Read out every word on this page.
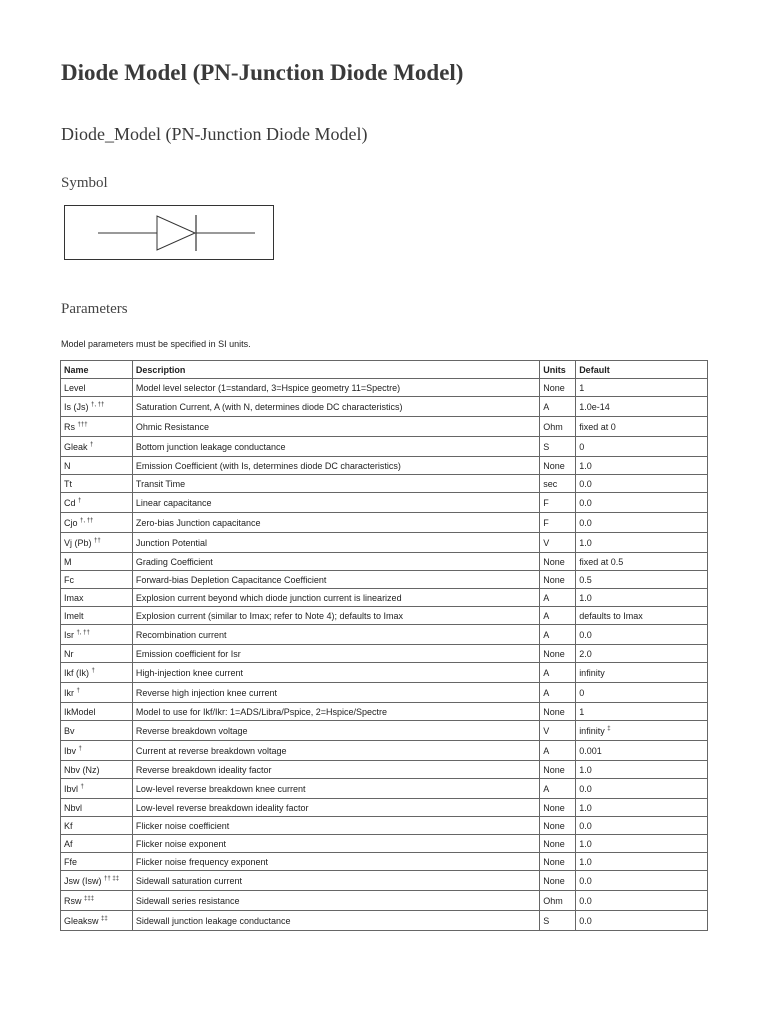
Diode Model (PN-Junction Diode Model)
Diode_Model (PN-Junction Diode Model)
Symbol
Parameters

Model parameters must be specified in SI units.

Name	Description	Units	Default
Level	Model level selector (1=standard, 3=Hspice geometry 11=Spectre)	None	1
Is (Js) †, ††	Saturation Current, A (with N, determines diode DC characteristics)	A	1.0e-14
Rs †††	Ohmic Resistance	Ohm	fixed at 0
Gleak †	Bottom junction leakage conductance	S	0
N	Emission Coefficient (with Is, determines diode DC characteristics)	None	1.0
Tt	Transit Time	sec	0.0
Cd †	Linear capacitance	F	0.0
Cjo †, ††	Zero-bias Junction capacitance	F	0.0
Vj (Pb) ††	Junction Potential	V	1.0
M	Grading Coefficient	None	fixed at 0.5
Fc	Forward-bias Depletion Capacitance Coefficient	None	0.5
Imax	Explosion current beyond which diode junction current is linearized	A	1.0
Imelt	Explosion current (similar to Imax; refer to Note 4); defaults to Imax	A	defaults to Imax
Isr †, ††	Recombination current	A	0.0
Nr	Emission coefficient for Isr	None	2.0
Ikf (Ik) †	High-injection knee current	A	infinity
Ikr †	Reverse high injection knee current	A	0
IkModel	Model to use for Ikf/Ikr: 1=ADS/Libra/Pspice, 2=Hspice/Spectre	None	1
Bv	Reverse breakdown voltage	V	infinity ‡
Ibv †	Current at reverse breakdown voltage	A	0.001
Nbv (Nz)	Reverse breakdown ideality factor	None	1.0
Ibvl †	Low-level reverse breakdown knee current	A	0.0
Nbvl	Low-level reverse breakdown ideality factor	None	1.0
Kf	Flicker noise coefficient	None	0.0
Af	Flicker noise exponent	None	1.0
Ffe	Flicker noise frequency exponent	None	1.0
Jsw (Isw) †† ‡‡	Sidewall saturation current	None	0.0
Rsw ‡‡‡	Sidewall series resistance	Ohm	0.0
Gleaksw ‡‡	Sidewall junction leakage conductance	S	0.0
